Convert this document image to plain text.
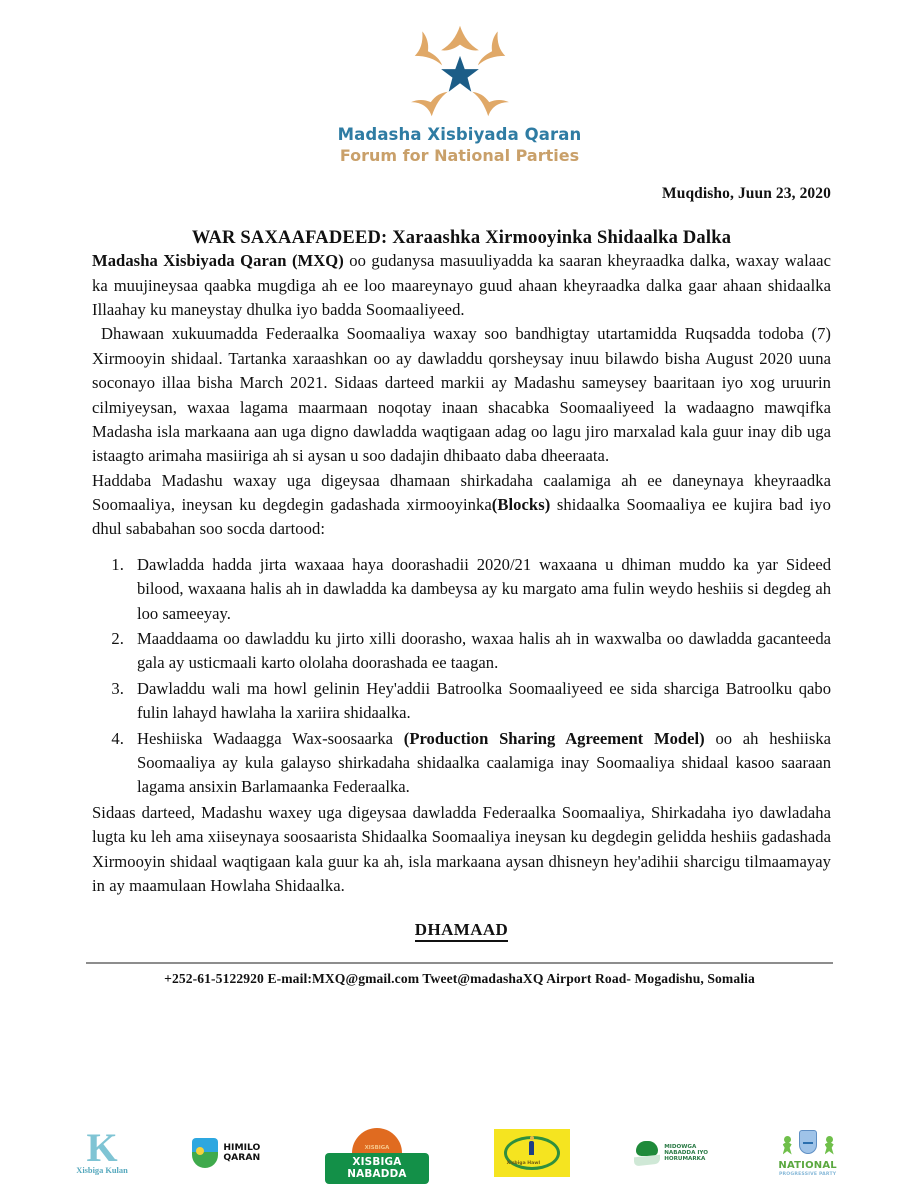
Madasha Xisbiyada Qaran
Forum for National Parties
Muqdisho, Juun 23, 2020
WAR SAXAAFADEED: Xaraashka Xirmooyinka Shidaalka Dalka

Madasha Xisbiyada Qaran (MXQ) oo gudanysa masuuliyadda ka saaran kheyraadka dalka, waxay walaac ka muujineysaa qaabka mugdiga ah ee loo maareynayo guud ahaan kheyraadka dalka gaar ahaan shidaalka Illaahay ku maneystay dhulka iyo badda Soomaaliyeed.

Dhawaan xukuumadda Federaalka Soomaaliya waxay soo bandhigtay utartamidda Ruqsadda todoba (7) Xirmooyin shidaal. Tartanka xaraashkan oo ay dawladdu qorsheysay inuu bilawdo bisha August 2020 uuna soconayo illaa bisha March 2021. Sidaas darteed markii ay Madashu sameysey baaritaan iyo xog uruurin cilmiyeysan, waxaa lagama maarmaan noqotay inaan shacabka Soomaaliyeed la wadaagno mawqifka Madasha isla markaana aan uga digno dawladda waqtigaan adag oo lagu jiro marxalad kala guur inay dib uga istaagto arimaha masiiriga ah si aysan u soo dadajin dhibaato daba dheeraata.

Haddaba Madashu waxay uga digeysaa dhamaan shirkadaha caalamiga ah ee daneynaya kheyraadka Soomaaliya, ineysan ku degdegin gadashada xirmooyinka(Blocks) shidaalka Soomaaliya ee kujira bad iyo dhul sababahan soo socda dartood:

1. Dawladda hadda jirta waxaaa haya doorashadii 2020/21 waxaana u dhiman muddo ka yar Sideed bilood, waxaana halis ah in dawladda ka dambeysa ay ku margato ama fulin weydo heshiis si degdeg ah loo sameeyay.
2. Maaddaama oo dawladdu ku jirto xilli doorasho, waxaa halis ah in waxwalba oo dawladda gacanteeda gala ay usticmaali karto ololaha doorashada ee taagan.
3. Dawladdu wali ma howl gelinin Hey'addii Batroolka Soomaaliyeed ee sida sharciga Batroolku qabo fulin lahayd hawlaha la xariira shidaalka.
4. Heshiiska Wadaagga Wax-soosaarka (Production Sharing Agreement Model) oo ah heshiiska Soomaaliya ay kula galayso shirkadaha shidaalka caalamiga inay Soomaaliya shidaal kasoo saaraan lagama ansixin Barlamaanka Federaalka.

Sidaas darteed, Madashu waxey uga digeysaa dawladda Federaalka Soomaaliya, Shirkadaha iyo dawladaha lugta ku leh ama xiiseynaya soosaarista Shidaalka Soomaaliya ineysan ku degdegin gelidda heshiis gadashada Xirmooyin shidaal waqtigaan kala guur ka ah, isla markaana aysan dhisneyn hey'adihii sharcigu tilmaamayay in ay maamulaan Howlaha Shidaalka.

DHAMAAD
+252-61-5122920 E-mail:MXQ@gmail.com Tweet@madashaXQ Airport Road- Mogadishu, Somalia
K
Xisbiga Kulan
HIMILO
QARAN
XISBIGA
XISBIGA NABADDA
Xisbiga Hawl
MIDOWGA
NABADDA IYO
HORUMARKA
NATIONAL
PROGRESSIVE PARTY
